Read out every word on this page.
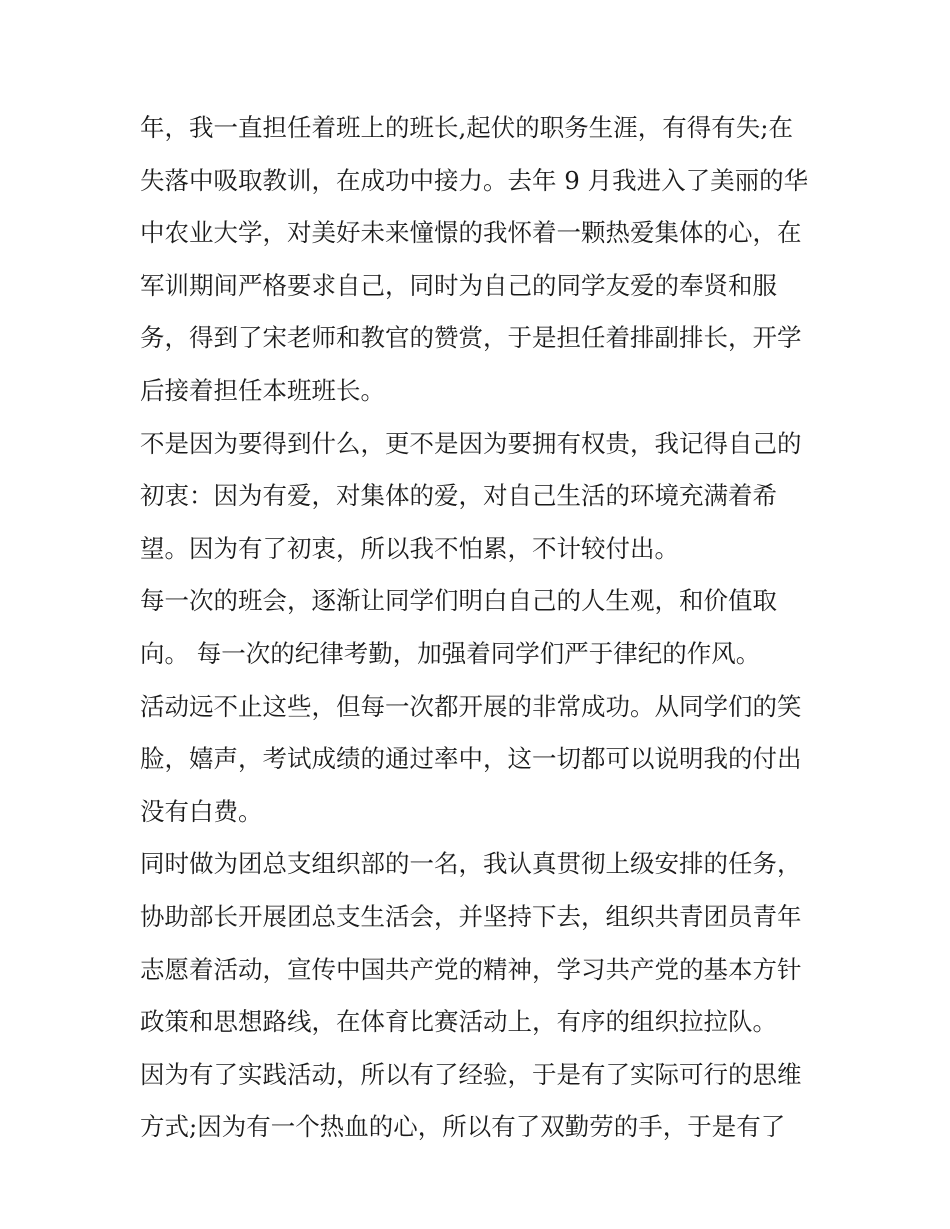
年，我一直担任着班上的班长,起伏的职务生涯，有得有失;在
失落中吸取教训，在成功中接力。去年 9 月我进入了美丽的华
中农业大学，对美好未来憧憬的我怀着一颗热爱集体的心，在
军训期间严格要求自己，同时为自己的同学友爱的奉贤和服
务，得到了宋老师和教官的赞赏，于是担任着排副排长，开学
后接着担任本班班长。
不是因为要得到什么，更不是因为要拥有权贵，我记得自己的
初衷：因为有爱，对集体的爱，对自己生活的环境充满着希
望。因为有了初衷，所以我不怕累，不计较付出。
每一次的班会，逐渐让同学们明白自己的人生观，和价值取
向。 每一次的纪律考勤，加强着同学们严于律纪的作风。
活动远不止这些，但每一次都开展的非常成功。从同学们的笑
脸，嬉声，考试成绩的通过率中，这一切都可以说明我的付出
没有白费。
同时做为团总支组织部的一名，我认真贯彻上级安排的任务，
协助部长开展团总支生活会，并坚持下去，组织共青团员青年
志愿着活动，宣传中国共产党的精神，学习共产党的基本方针
政策和思想路线，在体育比赛活动上，有序的组织拉拉队。
因为有了实践活动，所以有了经验，于是有了实际可行的思维
方式;因为有一个热血的心，所以有了双勤劳的手，于是有了
